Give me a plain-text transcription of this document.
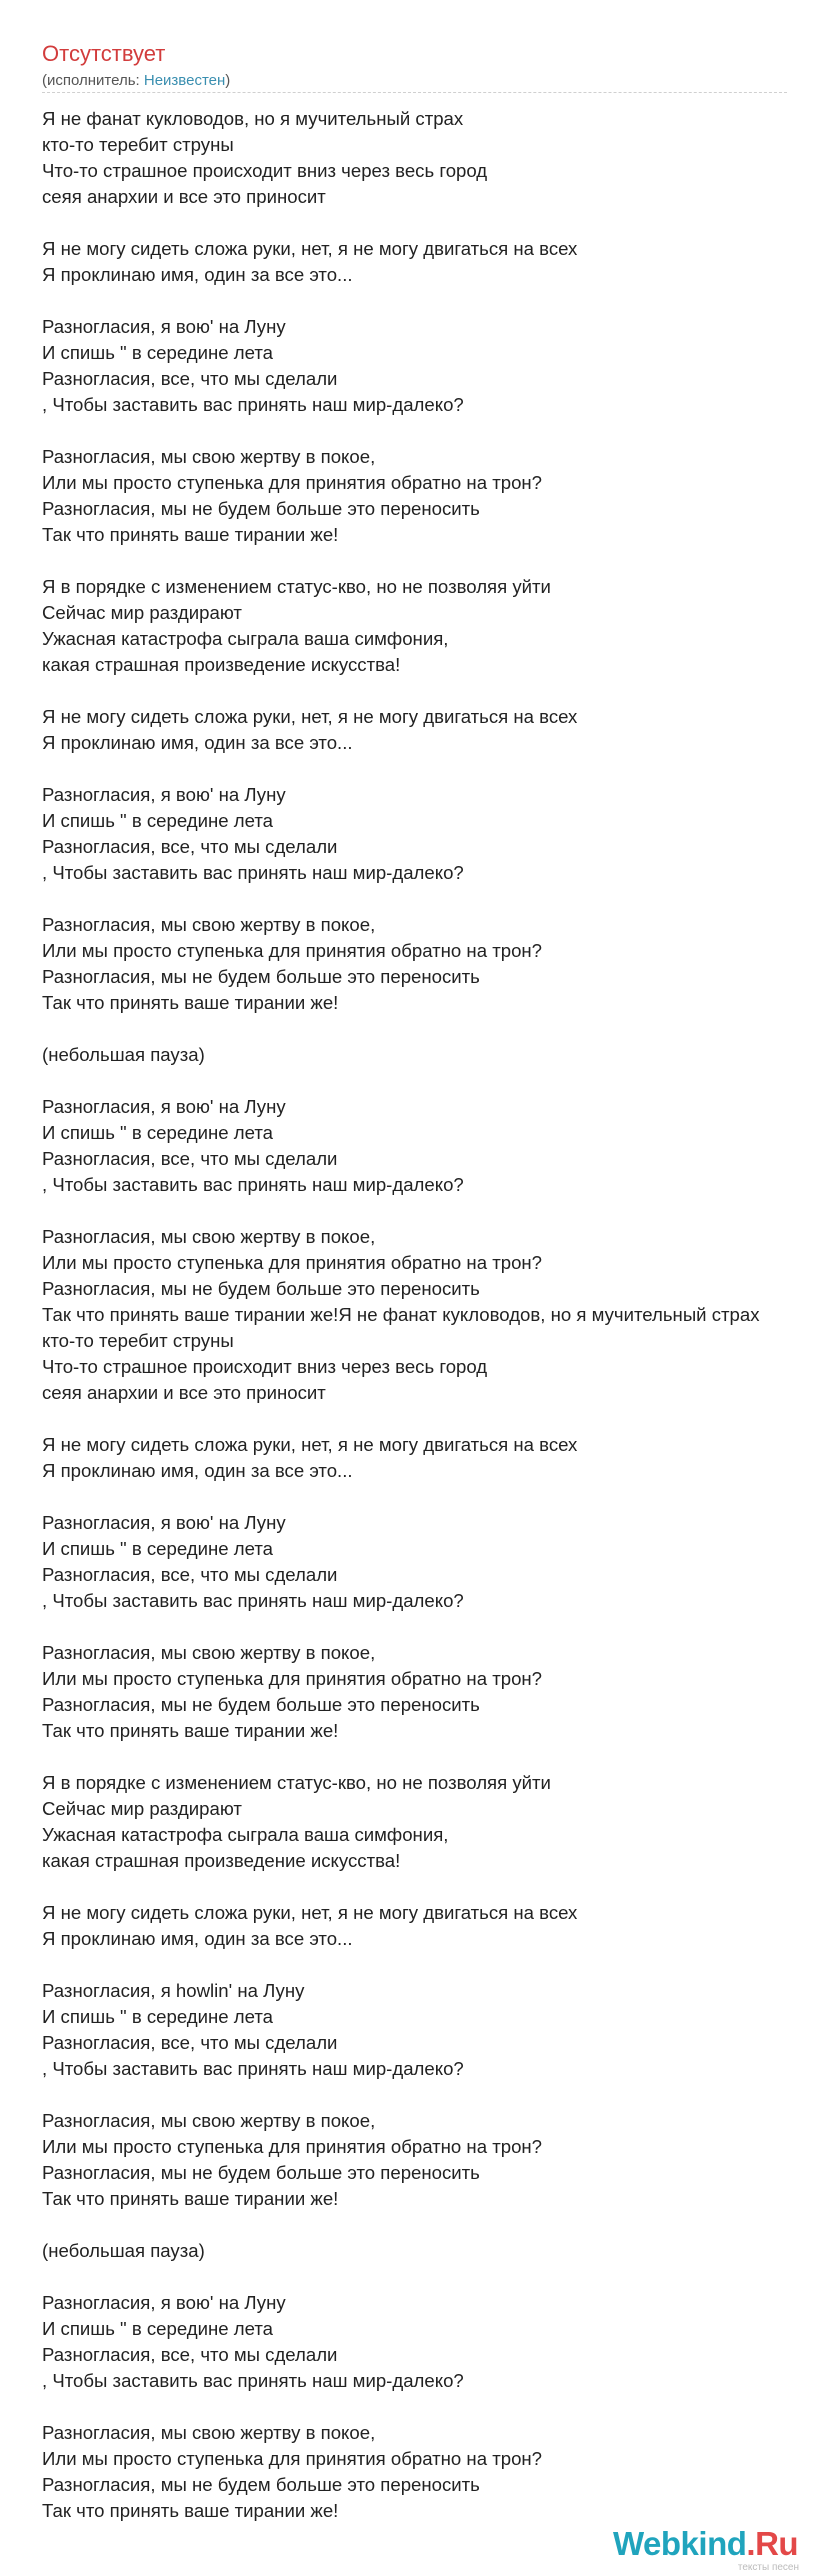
Отсутствует
(исполнитель: Неизвестен)
Я не фанат кукловодов, но я мучительный страх
кто-то теребит струны
Что-то страшное происходит вниз через весь город
сеяя анархии и все это приносит
Я не могу сидеть сложа руки, нет, я не могу двигаться на всех
Я проклинаю имя, один за все это...
Разногласия, я вою' на Луну
И спишь " в середине лета
Разногласия, все, что мы сделали
, Чтобы заставить вас принять наш мир-далеко?
Разногласия, мы свою жертву в покое,
Или мы просто ступенька для принятия обратно на трон?
Разногласия, мы не будем больше это переносить
Так что принять ваше тирании же!
Я в порядке с изменением статус-кво, но не позволяя уйти
Сейчас мир раздирают
Ужасная катастрофа сыграла ваша симфония,
какая страшная произведение искусства!
Я не могу сидеть сложа руки, нет, я не могу двигаться на всех
Я проклинаю имя, один за все это...
Разногласия, я вою' на Луну
И спишь " в середине лета
Разногласия, все, что мы сделали
, Чтобы заставить вас принять наш мир-далеко?
Разногласия, мы свою жертву в покое,
Или мы просто ступенька для принятия обратно на трон?
Разногласия, мы не будем больше это переносить
Так что принять ваше тирании же!
(небольшая пауза)
Разногласия, я вою' на Луну
И спишь " в середине лета
Разногласия, все, что мы сделали
, Чтобы заставить вас принять наш мир-далеко?
Разногласия, мы свою жертву в покое,
Или мы просто ступенька для принятия обратно на трон?
Разногласия, мы не будем больше это переносить
Так что принять ваше тирании же!Я не фанат кукловодов, но я мучительный страх
кто-то теребит струны
Что-то страшное происходит вниз через весь город
сеяя анархии и все это приносит
Я не могу сидеть сложа руки, нет, я не могу двигаться на всех
Я проклинаю имя, один за все это...
Разногласия, я вою' на Луну
И спишь " в середине лета
Разногласия, все, что мы сделали
, Чтобы заставить вас принять наш мир-далеко?
Разногласия, мы свою жертву в покое,
Или мы просто ступенька для принятия обратно на трон?
Разногласия, мы не будем больше это переносить
Так что принять ваше тирании же!
Я в порядке с изменением статус-кво, но не позволяя уйти
Сейчас мир раздирают
Ужасная катастрофа сыграла ваша симфония,
какая страшная произведение искусства!
Я не могу сидеть сложа руки, нет, я не могу двигаться на всех
Я проклинаю имя, один за все это...
Разногласия, я howlin' на Луну
И спишь " в середине лета
Разногласия, все, что мы сделали
, Чтобы заставить вас принять наш мир-далеко?
Разногласия, мы свою жертву в покое,
Или мы просто ступенька для принятия обратно на трон?
Разногласия, мы не будем больше это переносить
Так что принять ваше тирании же!
(небольшая пауза)
Разногласия, я вою' на Луну
И спишь " в середине лета
Разногласия, все, что мы сделали
, Чтобы заставить вас принять наш мир-далеко?
Разногласия, мы свою жертву в покое,
Или мы просто ступенька для принятия обратно на трон?
Разногласия, мы не будем больше это переносить
Так что принять ваше тирании же!
Webkind.Ru
тексты песен
